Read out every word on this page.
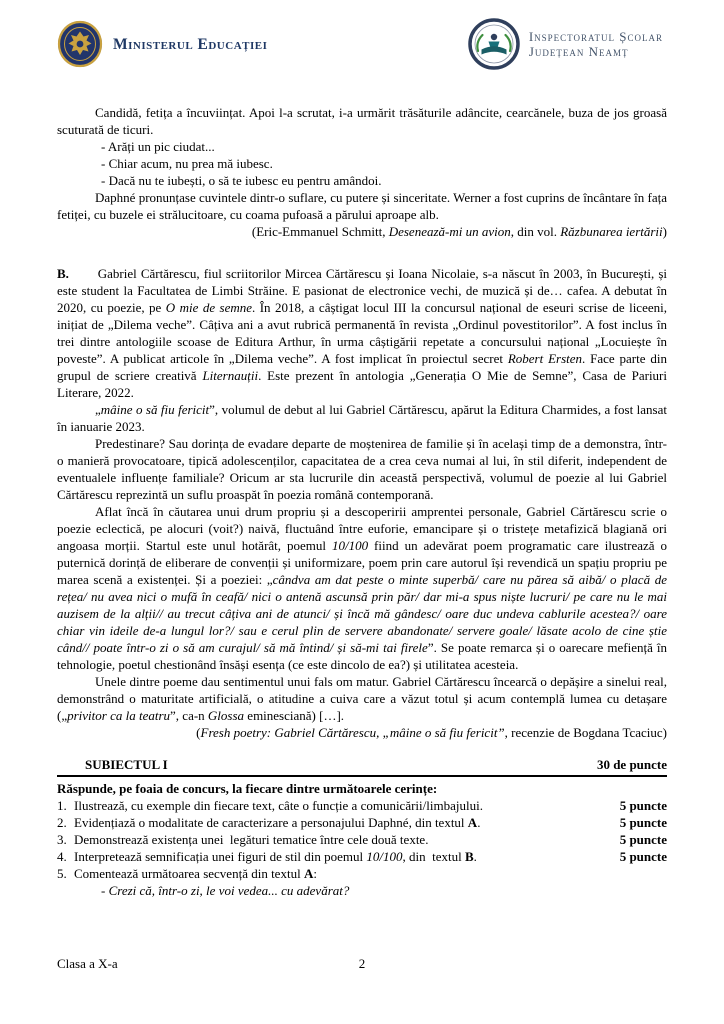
Ministerul Educației	Inspectoratul Școlar
Județean Neamț

Candidă, fetița a încuviințat. Apoi l-a scrutat, i-a urmărit trăsăturile adâncite, cearcănele, buza de jos groasă scuturată de ticuri.

- Arăți un pic ciudat...

- Chiar acum, nu prea mă iubesc.

- Dacă nu te iubești, o să te iubesc eu pentru amândoi.

Daphné pronunțase cuvintele dintr-o suflare, cu putere și sinceritate. Werner a fost cuprins de încântare în fața fetiței, cu buzele ei strălucitoare, cu coama pufoasă a părului aproape alb.

(Eric-Emmanuel Schmitt, Desenează-mi un avion, din vol. Răzbunarea iertării)

B.       Gabriel Cărtărescu, fiul scriitorilor Mircea Cărtărescu și Ioana Nicolaie, s-a născut în 2003, în București, și este student la Facultatea de Limbi Străine. E pasionat de electronice vechi, de muzică și de… cafea. A debutat în 2020, cu poezie, pe O mie de semne. În 2018, a câștigat locul III la concursul național de eseuri scrise de liceeni, inițiat de „Dilema veche”. Câțiva ani a avut rubrică permanentă în revista „Ordinul povestitorilor”. A fost inclus în trei dintre antologiile scoase de Editura Arthur, în urma câștigării repetate a concursului național „Locuiește în poveste”. A publicat articole în „Dilema veche”. A fost implicat în proiectul secret Robert Ersten. Face parte din grupul de scriere creativă Liternauții. Este prezent în antologia „Generația O Mie de Semne”, Casa de Pariuri Literare, 2022.

„mâine o să fiu fericit”, volumul de debut al lui Gabriel Cărtărescu, apărut la Editura Charmides, a fost lansat în ianuarie 2023.

Predestinare? Sau dorința de evadare departe de moștenirea de familie și în același timp de a demonstra, într-o manieră provocatoare, tipică adolescenților, capacitatea de a crea ceva numai al lui, în stil diferit, independent de eventualele influențe familiale? Oricum ar sta lucrurile din această perspectivă, volumul de poezie al lui Gabriel Cărtărescu reprezintă un suflu proaspăt în poezia română contemporană.

Aflat încă în căutarea unui drum propriu și a descoperirii amprentei personale, Gabriel Cărtărescu scrie o poezie eclectică, pe alocuri (voit?) naivă, fluctuând între euforie, emancipare și o tristețe metafizică blagiană ori angoasa morții. Startul este unul hotărât, poemul 10/100 fiind un adevărat poem programatic care ilustrează o puternică dorință de eliberare de convenții și uniformizare, poem prin care autorul își revendică un spațiu propriu pe marea scenă a existenței. Și a poeziei: „cândva am dat peste o minte superbă/ care nu părea să aibă/ o placă de rețea/ nu avea nici o mufă în ceafă/ nici o antenă ascunsă prin păr/ dar mi-a spus niște lucruri/ pe care nu le mai auzisem de la alții// au trecut câțiva ani de atunci/ și încă mă gândesc/ oare duc undeva cablurile acestea?/ oare chiar vin ideile de-a lungul lor?/ sau e cerul plin de servere abandonate/ servere goale/ lăsate acolo de cine știe când// poate într-o zi o să am curajul/ să mă întind/ și să-mi tai firele”. Se poate remarca și o oarecare mefiență în tehnologie, poetul chestionând însăși esența (ce este dincolo de ea?) și utilitatea acesteia.

Unele dintre poeme dau sentimentul unui fals om matur. Gabriel Cărtărescu încearcă o depășire a sinelui real, demonstrând o maturitate artificială, o atitudine a cuiva care a văzut totul și acum contemplă lumea cu detașare („privitor ca la teatru”, ca-n Glossa eminesciană) […].

(Fresh poetry: Gabriel Cărtărescu, „mâine o să fiu fericit”, recenzie de Bogdana Tcaciuc)

SUBIECTUL I	30 de puncte

Răspunde, pe foaia de concurs, la fiecare dintre următoarele cerințe:

1. Ilustrează, cu exemple din fiecare text, câte o funcție a comunicării/limbajului.	5 puncte
2. Evidențiază o modalitate de caracterizare a personajului Daphné, din textul A.	5 puncte
3. Demonstrează existența unei  legături tematice între cele două texte.	5 puncte
4. Interpretează semnificația unei figuri de stil din poemul 10/100, din  textul B.	5 puncte
5. Comentează următoarea secvență din textul A:

- Crezi că, într-o zi, le voi vedea... cu adevărat?

Clasa a X-a	2
